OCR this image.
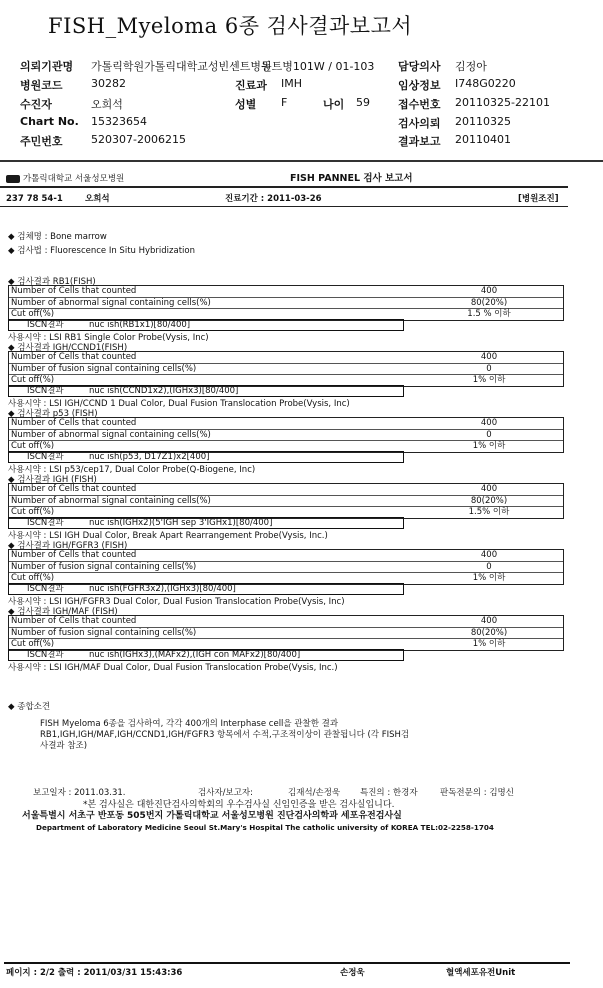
FISH_Myeloma 6종 검사결과보고서
의뢰기관명 가톨릭학원가톨릭대학교성빈센트병원
동트병101W / 01-103
병원코드	30282	진료과 IMH
수진자	오희석	성별 F	나이 59
Chart No. 15323654
주민번호	520307-2006215
담당의사 김정아
임상정보 I748G0220
접수번호 20110325-22101
검사의뢰 20110325
결과보고 20110401
가톨릭대학교 서울성모병원	FISH PANNEL 검사 보고서
237 78 54-1	오희석	진료기간 : 2011-03-26	[병원조진]
◆ 검체명 : Bone marrow
◆ 검사법 : Fluorescence In Situ Hybridization
◆ 검사결과 RB1(FISH)
Number of Cells that counted	400
Number of abnormal signal containing cells(%)	80(20%)
Cut off(%)	1.5 % 이하
ISCN결과	nuc ish(RB1x1)[80/400]
사용시약 : LSI RB1 Single Color Probe(Vysis, Inc)
◆ 검사결과 IGH/CCND1(FISH)
Number of Cells that counted	400
Number of fusion signal containing cells(%)	0
Cut off(%)	1% 이하
ISCN결과	nuc ish(CCND1x2),(IGHx3)[80/400]
사용시약 : LSI IGH/CCND 1 Dual Color, Dual Fusion Translocation Probe(Vysis, Inc)
◆ 검사결과 p53 (FISH)
Number of Cells that counted	400
Number of abnormal signal containing cells(%)	0
Cut off(%)	1% 이하
ISCN결과	nuc ish(p53, D17Z1)x2[400]
사용시약 : LSI p53/cep17, Dual Color Probe(Q-Biogene, Inc)
◆ 검사결과 IGH (FISH)
Number of Cells that counted	400
Number of abnormal signal containing cells(%)	80(20%)
Cut off(%)	1.5% 이하
ISCN결과	nuc ish(IGHx2)(5'IGH sep 3'IGHx1)[80/400]
사용시약 : LSI IGH Dual Color, Break Apart Rearrangement Probe(Vysis, Inc.)
◆ 검사결과 IGH/FGFR3 (FISH)
Number of Cells that counted	400
Number of fusion signal containing cells(%)	0
Cut off(%)	1% 이하
ISCN결과	nuc ish(FGFR3x2),(IGHx3)[80/400]
사용시약 : LSI IGH/FGFR3 Dual Color, Dual Fusion Translocation Probe(Vysis, Inc)
◆ 검사결과 IGH/MAF (FISH)
Number of Cells that counted	400
Number of fusion signal containing cells(%)	80(20%)
Cut off(%)	1% 이하
ISCN결과	nuc ish(IGHx3),(MAFx2),(IGH con MAFx2)[80/400]
사용시약 : LSI IGH/MAF Dual Color, Dual Fusion Translocation Probe(Vysis, Inc.)
◆ 종합소견
FISH Myeloma 6종을 검사하여, 각각 400개의 Interphase cell을 관찰한 결과
RB1,IGH,IGH/MAF,IGH/CCND1,IGH/FGFR3 항목에서 수적,구조적이상이 관찰됩니다 (각 FISH검
사결과 참조)
보고일자 : 2011.03.31.	검사자/보고자:	김재석/손정욱 특진의 : 한경자	판독전문의 : 김명신
*본 검사실은 대한진단검사의학회의 우수검사실 신임인증을 받은 검사실입니다.
서울특별시 서초구 반포동 505번지 가톨릭대학교 서울성모병원 진단검사의학과 세포유전검사실
Department of Laboratory Medicine Seoul St.Mary's Hospital The catholic university of KOREA TEL:02-2258-1704
페이지 : 2/2 출력 : 2011/03/31 15:43:36	손정욱	혈액세포유전Unit
